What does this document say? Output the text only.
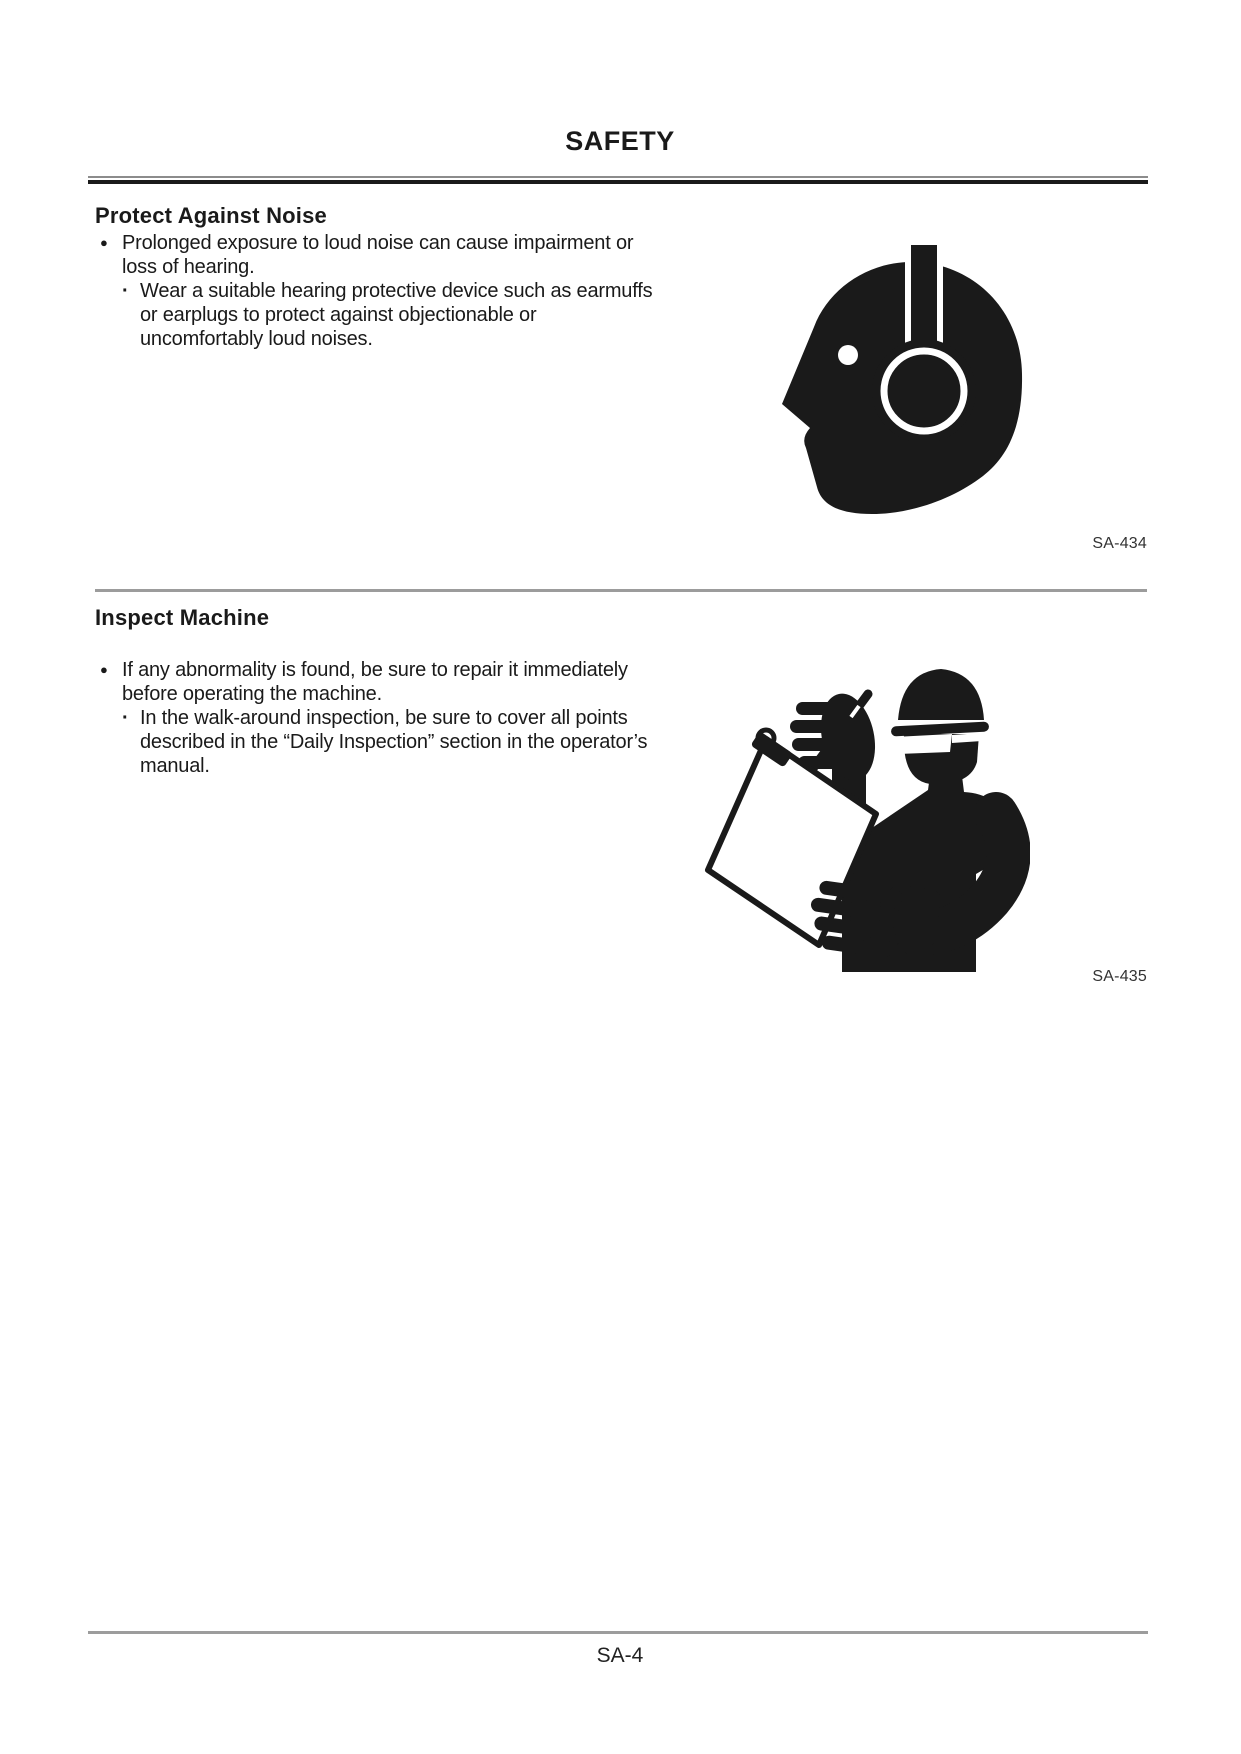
SAFETY
Protect Against Noise
● Prolonged exposure to loud noise can cause impairment or loss of hearing.
· Wear a suitable hearing protective device such as earmuffs or earplugs to protect against objectionable or uncomfortably loud noises.
SA-434
Inspect Machine
● If any abnormality is found, be sure to repair it immediately before operating the machine.
· In the walk-around inspection, be sure to cover all points described in the “Daily Inspection” section in the operator’s manual.
SA-435
SA-4
